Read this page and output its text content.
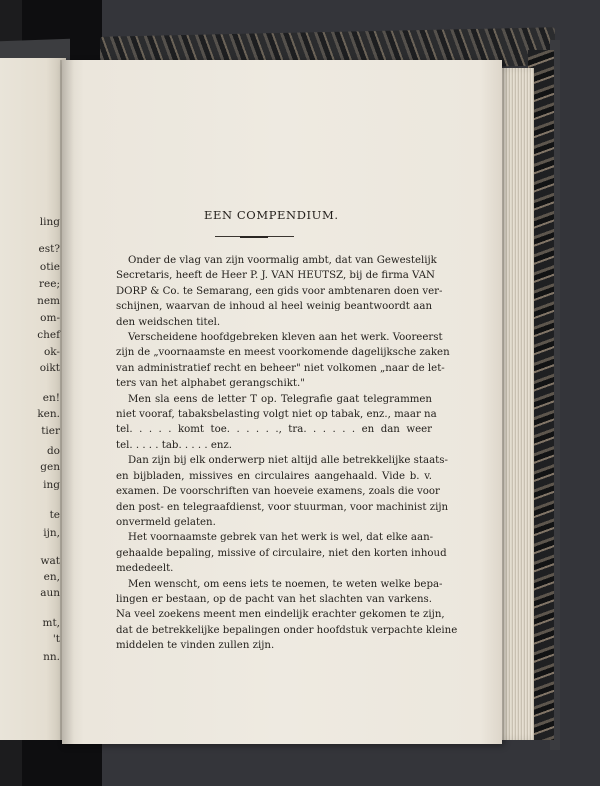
ling
est?
otie
ree;
nem
om-
chef
ok-
oikt
en!
ken.
tier
do
gen
ing
te
ijn,
wat
en,
aun
mt,
't
nn.
EEN COMPENDIUM.
Onder de vlag van zijn voormalig ambt, dat van Gewestelijk
Secretaris, heeft de Heer P. J. VAN HEUTSZ, bij de firma VAN
DORP & Co. te Semarang, een gids voor ambtenaren doen ver-
schijnen, waarvan de inhoud al heel weinig beantwoordt aan
den weidschen titel.
Verscheidene hoofdgebreken kleven aan het werk. Vooreerst
zijn de „voornaamste en meest voorkomende dagelijksche zaken
van administratief recht en beheer" niet volkomen „naar de let-
ters van het alphabet gerangschikt."
Men sla eens de letter T op. Telegrafie gaat telegrammen
niet vooraf, tabaksbelasting volgt niet op tabak, enz., maar na
tel. . . . . komt toe. . . . . ., tra. . . . . . en dan weer
tel. . . . . tab. . . . . enz.
Dan zijn bij elk onderwerp niet altijd alle betrekkelijke staats-
en bijbladen, missives en circulaires aangehaald. Vide b. v.
examen. De voorschriften van hoeveie examens, zoals die voor
den post- en telegraafdienst, voor stuurman, voor machinist zijn
onvermeld gelaten.
Het voornaamste gebrek van het werk is wel, dat elke aan-
gehaalde bepaling, missive of circulaire, niet den korten inhoud
mededeelt.
Men wenscht, om eens iets te noemen, te weten welke bepa-
lingen er bestaan, op de pacht van het slachten van varkens.
Na veel zoekens meent men eindelijk erachter gekomen te zijn,
dat de betrekkelijke bepalingen onder hoofdstuk verpachte kleine
middelen te vinden zullen zijn.
